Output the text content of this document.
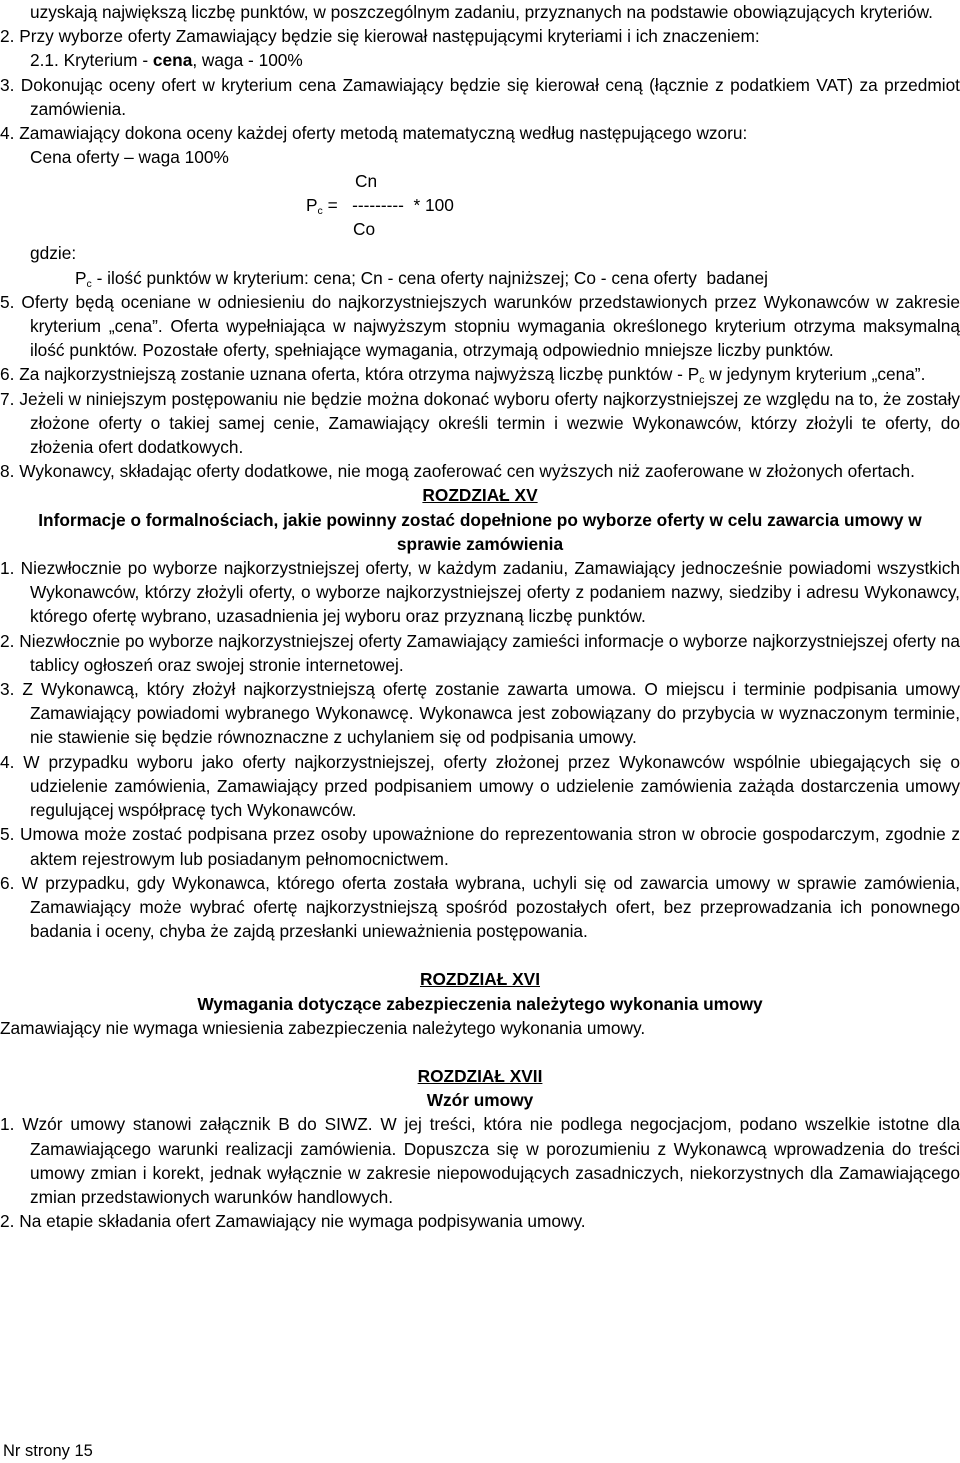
uzyskają największą liczbę punktów, w poszczególnym zadaniu, przyznanych na podstawie obowiązujących kryteriów.

2. Przy wyborze oferty Zamawiający będzie się kierował następującymi kryteriami i ich znaczeniem:

2.1. Kryterium - cena, waga - 100%

3. Dokonując oceny ofert w kryterium cena Zamawiający będzie się kierował ceną (łącznie z podatkiem VAT) za przedmiot zamówienia.

4. Zamawiający dokona oceny każdej oferty metodą matematyczną według następującego wzoru:

Cena oferty – waga 100%

Cn
$P_c$ =   ---------  * 100
Co

gdzie:

$P_c$ - ilość punktów w kryterium: cena; Cn - cena oferty najniższej; Co - cena oferty  badanej

5. Oferty będą oceniane w odniesieniu do najkorzystniejszych warunków przedstawionych przez Wykonawców w zakresie kryterium „cena”. Oferta wypełniająca w najwyższym stopniu wymagania określonego kryterium otrzyma maksymalną ilość punktów. Pozostałe oferty, spełniające wymagania, otrzymają odpowiednio mniejsze liczby punktów.

6. Za najkorzystniejszą zostanie uznana oferta, która otrzyma najwyższą liczbę punktów - $P_c$ w jedynym kryterium „cena”.

7. Jeżeli w niniejszym postępowaniu nie będzie można dokonać wyboru oferty najkorzystniejszej ze względu na to, że zostały złożone oferty o takiej samej cenie, Zamawiający określi termin i wezwie Wykonawców, którzy złożyli te oferty, do złożenia ofert dodatkowych.

8. Wykonawcy, składając oferty dodatkowe, nie mogą zaoferować cen wyższych niż zaoferowane w złożonych ofertach.

ROZDZIAŁ XV

Informacje o formalnościach, jakie powinny zostać dopełnione po wyborze oferty w celu zawarcia umowy w sprawie zamówienia

1. Niezwłocznie po wyborze najkorzystniejszej oferty, w każdym zadaniu, Zamawiający jednocześnie powiadomi wszystkich Wykonawców, którzy złożyli oferty, o wyborze najkorzystniejszej oferty z podaniem nazwy, siedziby i adresu Wykonawcy, którego ofertę wybrano, uzasadnienia jej wyboru oraz przyznaną liczbę punktów.

2. Niezwłocznie po wyborze najkorzystniejszej oferty Zamawiający zamieści informacje o wyborze najkorzystniejszej oferty na tablicy ogłoszeń oraz swojej stronie internetowej.

3. Z Wykonawcą, który złożył najkorzystniejszą ofertę zostanie zawarta umowa. O miejscu i terminie podpisania umowy Zamawiający powiadomi wybranego Wykonawcę. Wykonawca jest zobowiązany do przybycia w wyznaczonym terminie, nie stawienie się będzie równoznaczne z uchylaniem się od podpisania umowy.

4. W przypadku wyboru jako oferty najkorzystniejszej, oferty złożonej przez Wykonawców wspólnie ubiegających się o udzielenie zamówienia, Zamawiający przed podpisaniem umowy o udzielenie zamówienia zażąda dostarczenia umowy regulującej współpracę tych Wykonawców.

5. Umowa może zostać podpisana przez osoby upoważnione do reprezentowania stron w obrocie gospodarczym, zgodnie z aktem rejestrowym lub posiadanym pełnomocnictwem.

6. W przypadku, gdy Wykonawca, którego oferta została wybrana, uchyli się od zawarcia umowy w sprawie zamówienia, Zamawiający może wybrać ofertę najkorzystniejszą spośród pozostałych ofert, bez przeprowadzania ich ponownego badania i oceny, chyba że zajdą przesłanki unieważnienia postępowania.

ROZDZIAŁ XVI

Wymagania dotyczące zabezpieczenia należytego wykonania umowy

Zamawiający nie wymaga wniesienia zabezpieczenia należytego wykonania umowy.

ROZDZIAŁ XVII

Wzór umowy

1. Wzór umowy stanowi załącznik B do SIWZ. W jej treści, która nie podlega negocjacjom, podano wszelkie istotne dla Zamawiającego warunki realizacji zamówienia. Dopuszcza się w porozumieniu z Wykonawcą wprowadzenia do treści umowy zmian i korekt, jednak wyłącznie w zakresie niepowodujących zasadniczych, niekorzystnych dla Zamawiającego zmian przedstawionych warunków handlowych.

2. Na etapie składania ofert Zamawiający nie wymaga podpisywania umowy.

Nr strony 15
